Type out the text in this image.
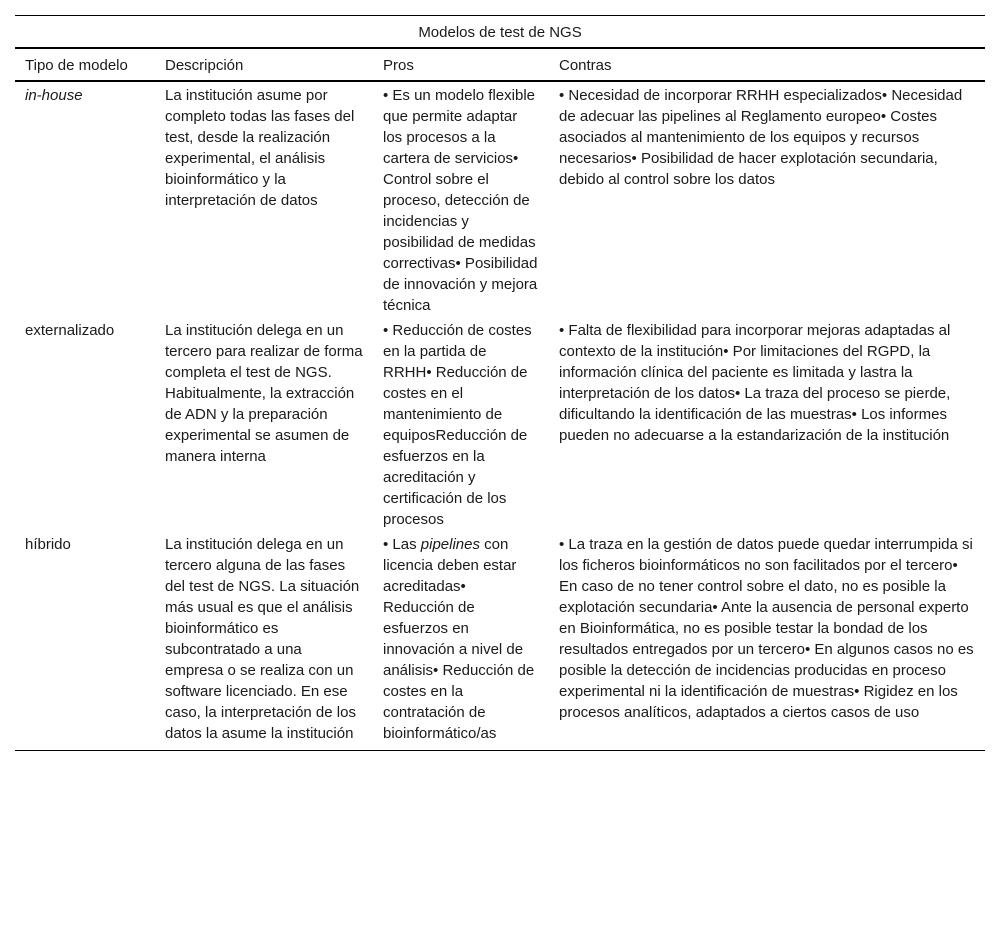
Modelos de test de NGS			
Tipo de modelo	Descripción	Pros	Contras
in-house	La institución asume por completo todas las fases del test, desde la realización experimental, el análisis bioinformático y la interpretación de datos	• Es un modelo flexible que permite adaptar los procesos a la cartera de servicios• Control sobre el proceso, detección de incidencias y posibilidad de medidas correctivas• Posibilidad de innovación y mejora técnica	• Necesidad de incorporar RRHH especializados• Necesidad de adecuar las pipelines al Reglamento europeo• Costes asociados al mantenimiento de los equipos y recursos necesarios• Posibilidad de hacer explotación secundaria, debido al control sobre los datos
externalizado	La institución delega en un tercero para realizar de forma completa el test de NGS. Habitualmente, la extracción de ADN y la preparación experimental se asumen de manera interna	• Reducción de costes en la partida de RRHH• Reducción de costes en el mantenimiento de equiposReducción de esfuerzos en la acreditación y certificación de los procesos	• Falta de flexibilidad para incorporar mejoras adaptadas al contexto de la institución• Por limitaciones del RGPD, la información clínica del paciente es limitada y lastra la interpretación de los datos• La traza del proceso se pierde, dificultando la identificación de las muestras• Los informes pueden no adecuarse a la estandarización de la institución
híbrido	La institución delega en un tercero alguna de las fases del test de NGS. La situación más usual es que el análisis bioinformático es subcontratado a una empresa o se realiza con un software licenciado. En ese caso, la interpretación de los datos la asume la institución	• Las pipelines con licencia deben estar acreditadas• Reducción de esfuerzos en innovación a nivel de análisis• Reducción de costes en la contratación de bioinformático/as	• La traza en la gestión de datos puede quedar interrumpida si los ficheros bioinformáticos no son facilitados por el tercero• En caso de no tener control sobre el dato, no es posible la explotación secundaria• Ante la ausencia de personal experto en Bioinformática, no es posible testar la bondad de los resultados entregados por un tercero• En algunos casos no es posible la detección de incidencias producidas en proceso experimental ni la identificación de muestras• Rigidez en los procesos analíticos, adaptados a ciertos casos de uso
